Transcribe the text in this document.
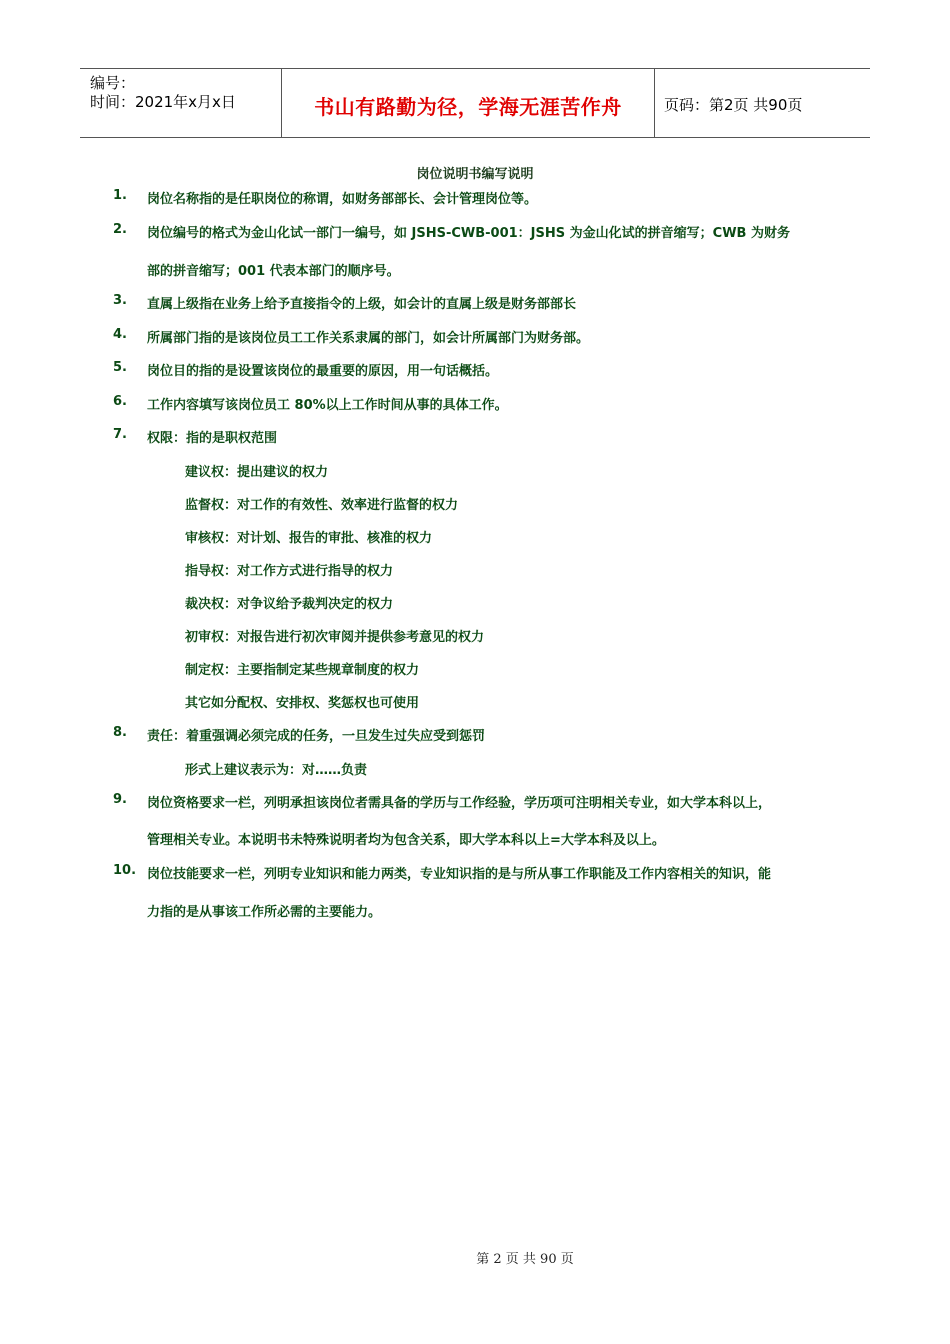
编号：
时间：2021年x月x日	书山有路勤为径，学海无涯苦作舟	页码：第2页 共90页
岗位说明书编写说明
1. 岗位名称指的是任职岗位的称谓，如财务部部长、会计管理岗位等。
2. 岗位编号的格式为金山化试一部门一编号，如 JSHS-CWB-001：JSHS 为金山化试的拼音缩写；CWB 为财务
部的拼音缩写；001 代表本部门的顺序号。
3. 直属上级指在业务上给予直接指令的上级，如会计的直属上级是财务部部长
4. 所属部门指的是该岗位员工工作关系隶属的部门，如会计所属部门为财务部。
5. 岗位目的指的是设置该岗位的最重要的原因，用一句话概括。
6. 工作内容填写该岗位员工 80%以上工作时间从事的具体工作。
7. 权限：指的是职权范围
建议权：提出建议的权力
监督权：对工作的有效性、效率进行监督的权力
审核权：对计划、报告的审批、核准的权力
指导权：对工作方式进行指导的权力
裁决权：对争议给予裁判决定的权力
初审权：对报告进行初次审阅并提供参考意见的权力
制定权：主要指制定某些规章制度的权力
其它如分配权、安排权、奖惩权也可使用
8. 责任：着重强调必须完成的任务，一旦发生过失应受到惩罚
形式上建议表示为：对……负责
9. 岗位资格要求一栏，列明承担该岗位者需具备的学历与工作经验，学历项可注明相关专业，如大学本科以上，
管理相关专业。本说明书未特殊说明者均为包含关系，即大学本科以上=大学本科及以上。
10. 岗位技能要求一栏，列明专业知识和能力两类，专业知识指的是与所从事工作职能及工作内容相关的知识，能
力指的是从事该工作所必需的主要能力。
第 2 页 共 90 页
